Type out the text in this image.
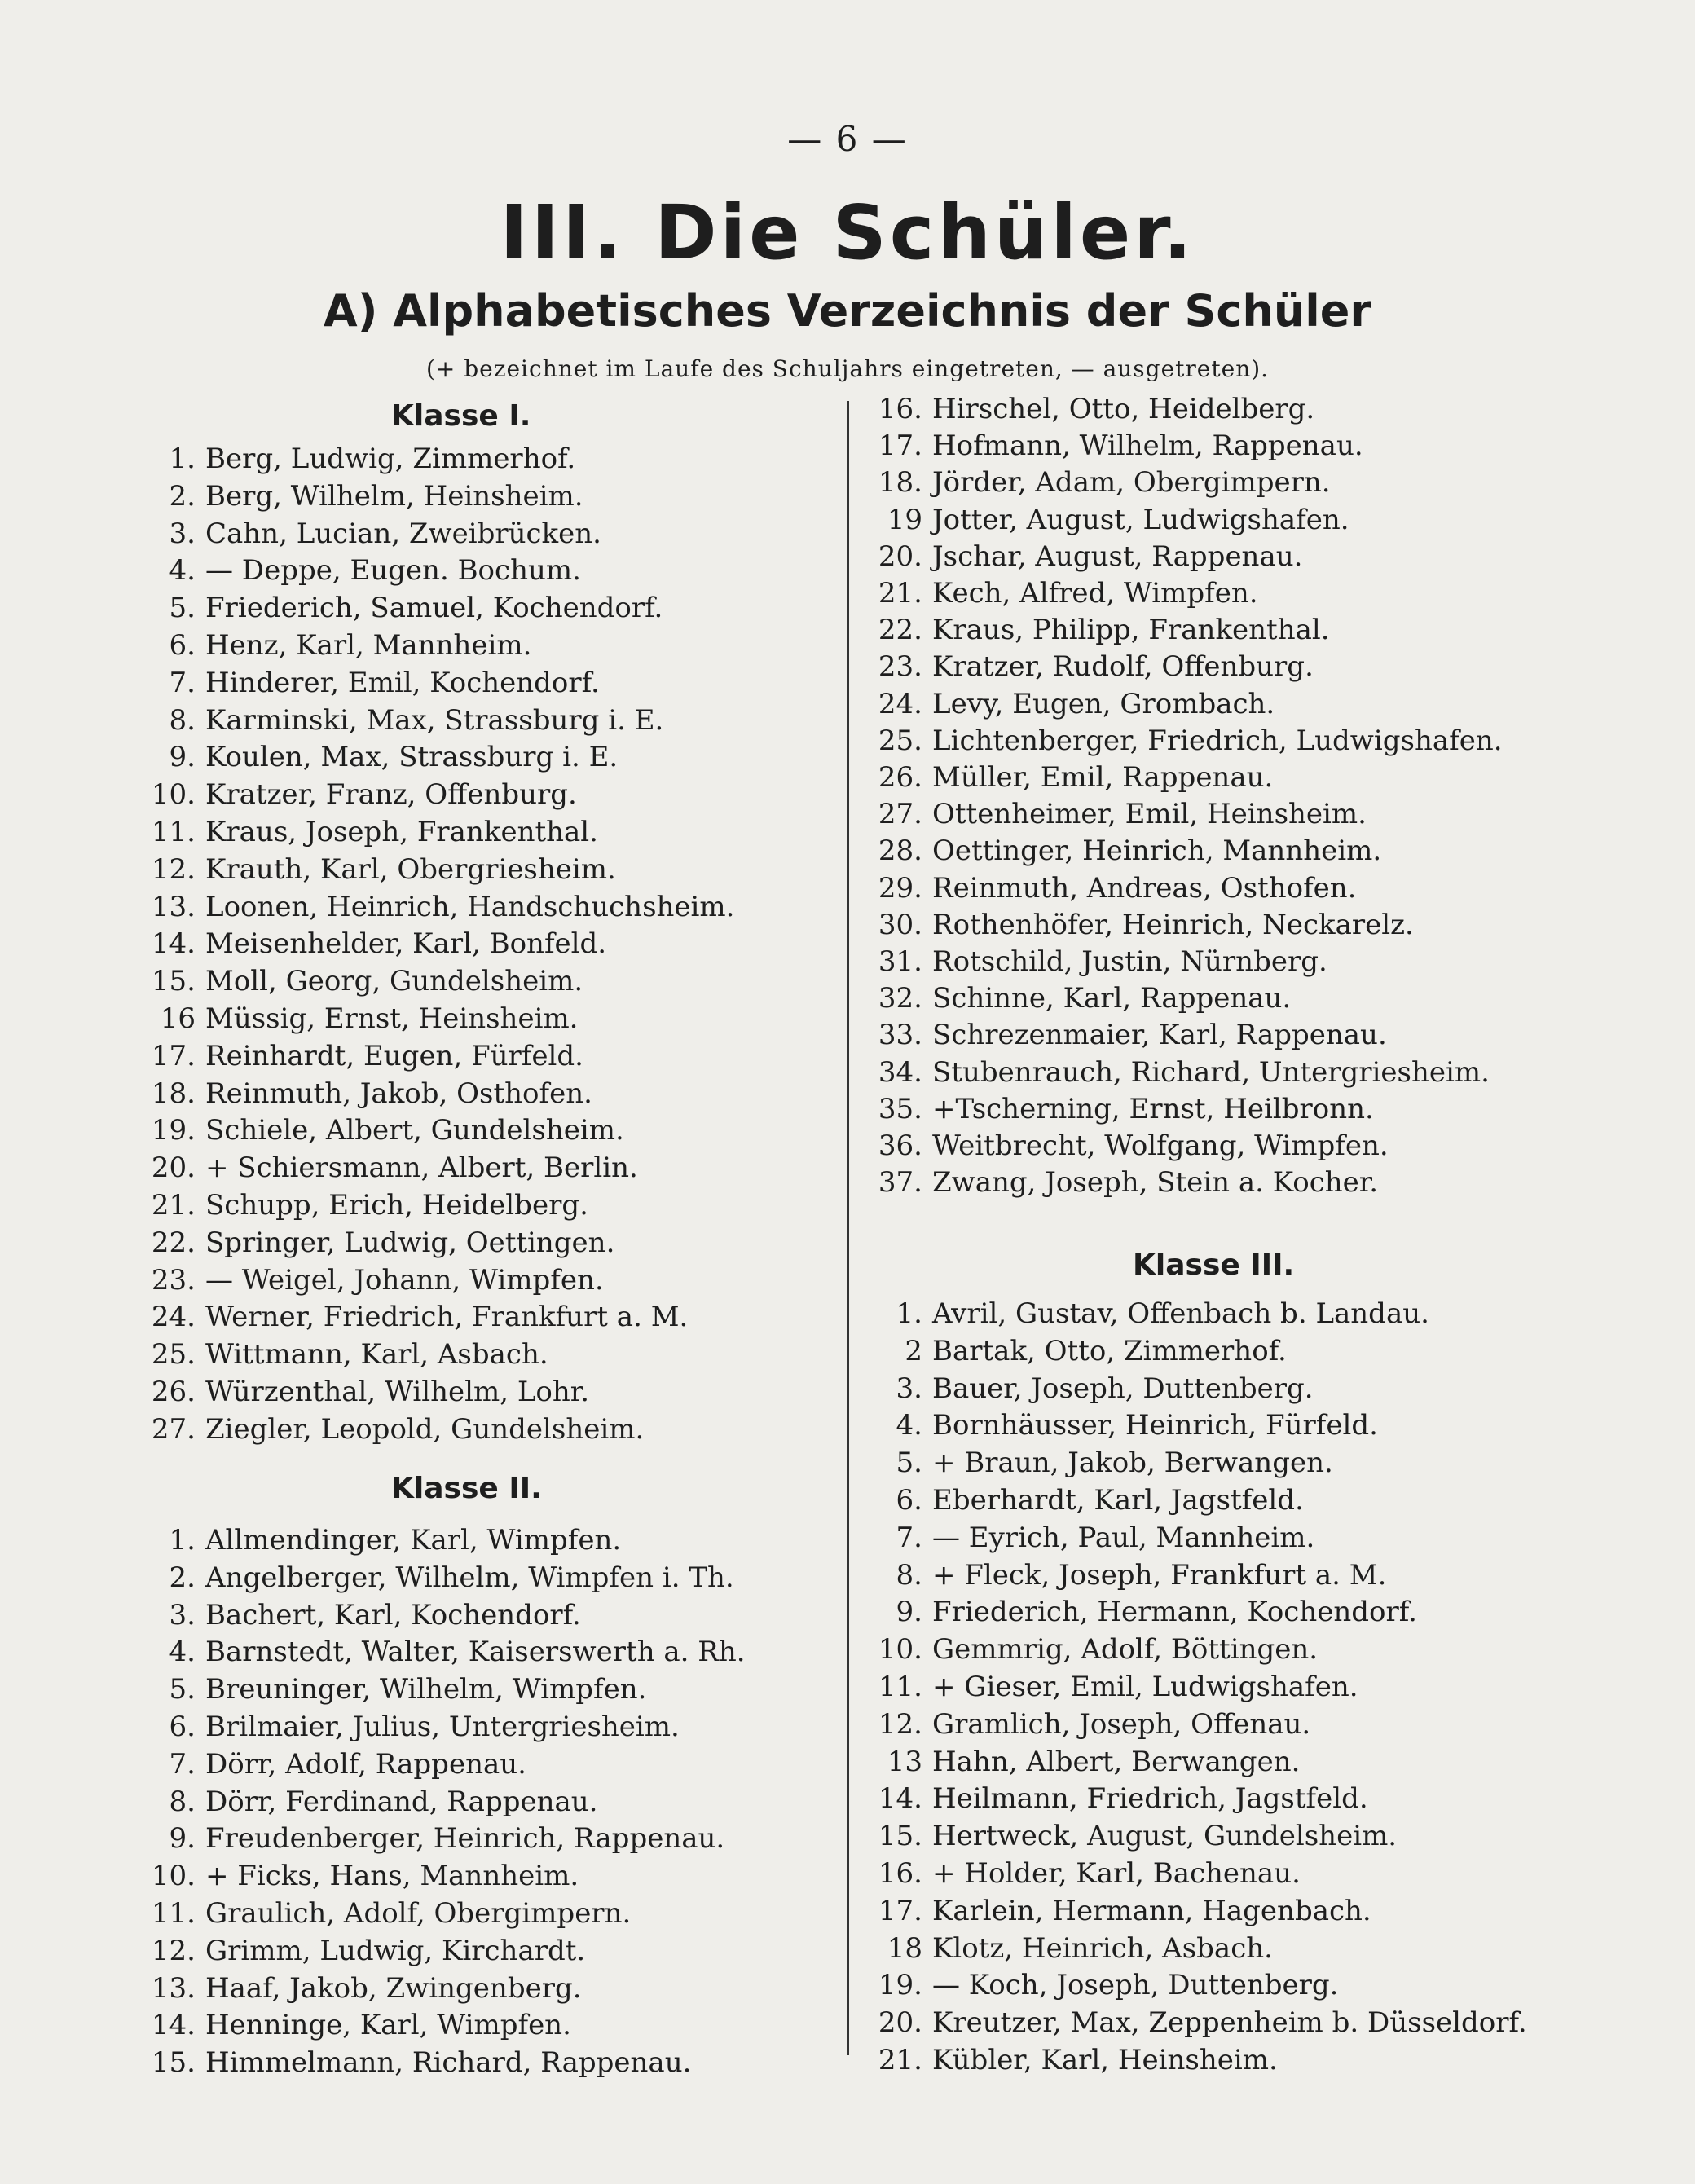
— 6 —
III. Die Schüler.
A) Alphabetisches Verzeichnis der Schüler
(+ bezeichnet im Laufe des Schuljahrs eingetreten, — ausgetreten).
Klasse I.
Klasse II.
1. Berg, Ludwig, Zimmerhof.
2. Berg, Wilhelm, Heinsheim.
3. Cahn, Lucian, Zweibrücken.
4. — Deppe, Eugen. Bochum.
5. Friederich, Samuel, Kochendorf.
6. Henz, Karl, Mannheim.
7. Hinderer, Emil, Kochendorf.
8. Karminski, Max, Strassburg i. E.
9. Koulen, Max, Strassburg i. E.
10. Kratzer, Franz, Offenburg.
11. Kraus, Joseph, Frankenthal.
12. Krauth, Karl, Obergriesheim.
13. Loonen, Heinrich, Handschuchsheim.
14. Meisenhelder, Karl, Bonfeld.
15. Moll, Georg, Gundelsheim.
16 Müssig, Ernst, Heinsheim.
17. Reinhardt, Eugen, Fürfeld.
18. Reinmuth, Jakob, Osthofen.
19. Schiele, Albert, Gundelsheim.
20. + Schiersmann, Albert, Berlin.
21. Schupp, Erich, Heidelberg.
22. Springer, Ludwig, Oettingen.
23. — Weigel, Johann, Wimpfen.
24. Werner, Friedrich, Frankfurt a. M.
25. Wittmann, Karl, Asbach.
26. Würzenthal, Wilhelm, Lohr.
27. Ziegler, Leopold, Gundelsheim.
1. Allmendinger, Karl, Wimpfen.
2. Angelberger, Wilhelm, Wimpfen i. Th.
3. Bachert, Karl, Kochendorf.
4. Barnstedt, Walter, Kaiserswerth a. Rh.
5. Breuninger, Wilhelm, Wimpfen.
6. Brilmaier, Julius, Untergriesheim.
7. Dörr, Adolf, Rappenau.
8. Dörr, Ferdinand, Rappenau.
9. Freudenberger, Heinrich, Rappenau.
10. + Ficks, Hans, Mannheim.
11. Graulich, Adolf, Obergimpern.
12. Grimm, Ludwig, Kirchardt.
13. Haaf, Jakob, Zwingenberg.
14. Henninge, Karl, Wimpfen.
15. Himmelmann, Richard, Rappenau.
Klasse III.
16. Hirschel, Otto, Heidelberg.
17. Hofmann, Wilhelm, Rappenau.
18. Jörder, Adam, Obergimpern.
19 Jotter, August, Ludwigshafen.
20. Jschar, August, Rappenau.
21. Kech, Alfred, Wimpfen.
22. Kraus, Philipp, Frankenthal.
23. Kratzer, Rudolf, Offenburg.
24. Levy, Eugen, Grombach.
25. Lichtenberger, Friedrich, Ludwigshafen.
26. Müller, Emil, Rappenau.
27. Ottenheimer, Emil, Heinsheim.
28. Oettinger, Heinrich, Mannheim.
29. Reinmuth, Andreas, Osthofen.
30. Rothenhöfer, Heinrich, Neckarelz.
31. Rotschild, Justin, Nürnberg.
32. Schinne, Karl, Rappenau.
33. Schrezenmaier, Karl, Rappenau.
34. Stubenrauch, Richard, Untergriesheim.
35. +Tscherning, Ernst, Heilbronn.
36. Weitbrecht, Wolfgang, Wimpfen.
37. Zwang, Joseph, Stein a. Kocher.
1. Avril, Gustav, Offenbach b. Landau.
2 Bartak, Otto, Zimmerhof.
3. Bauer, Joseph, Duttenberg.
4. Bornhäusser, Heinrich, Fürfeld.
5. + Braun, Jakob, Berwangen.
6. Eberhardt, Karl, Jagstfeld.
7. — Eyrich, Paul, Mannheim.
8. + Fleck, Joseph, Frankfurt a. M.
9. Friederich, Hermann, Kochendorf.
10. Gemmrig, Adolf, Böttingen.
11. + Gieser, Emil, Ludwigshafen.
12. Gramlich, Joseph, Offenau.
13 Hahn, Albert, Berwangen.
14. Heilmann, Friedrich, Jagstfeld.
15. Hertweck, August, Gundelsheim.
16. + Holder, Karl, Bachenau.
17. Karlein, Hermann, Hagenbach.
18 Klotz, Heinrich, Asbach.
19. — Koch, Joseph, Duttenberg.
20. Kreutzer, Max, Zeppenheim b. Düsseldorf.
21. Kübler, Karl, Heinsheim.
